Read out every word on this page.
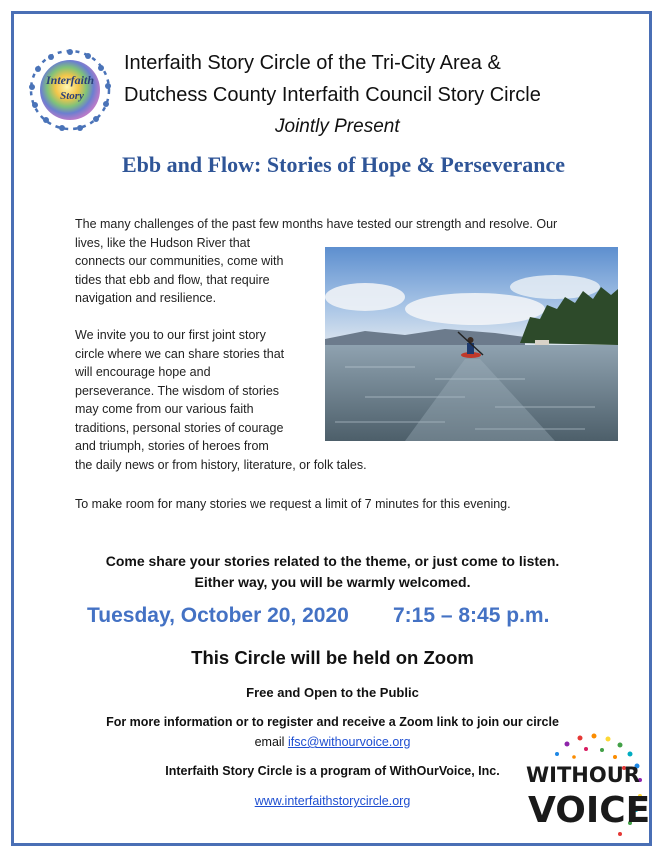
Interfaith
Story
Interfaith Story Circle of the Tri-City Area &
Dutchess County Interfaith Council Story Circle
Jointly Present
Ebb and Flow: Stories of Hope & Perseverance
The many challenges of the past few months have tested our strength and resolve. Our
lives, like the Hudson River that
connects our communities, come with
tides that ebb and flow, that require
navigation and resilience.
We invite you to our first joint story
circle where we can share stories that
will encourage hope and
perseverance. The wisdom of stories
may come from our various faith
traditions, personal stories of courage
and triumph, stories of heroes from
the daily news or from history, literature, or folk tales.
To make room for many stories we request a limit of 7 minutes for this evening.
Come share your stories related to the theme, or just come to listen.
Either way, you will be warmly welcomed.
Tuesday, October 20, 2020 7:15 – 8:45 p.m.
This Circle will be held on Zoom
Free and Open to the Public
For more information or to register and receive a Zoom link to join our circle
email ifsc@withourvoice.org
Interfaith Story Circle is a program of WithOurVoice, Inc.
www.interfaithstorycircle.org
WITHOUR
VOICE
